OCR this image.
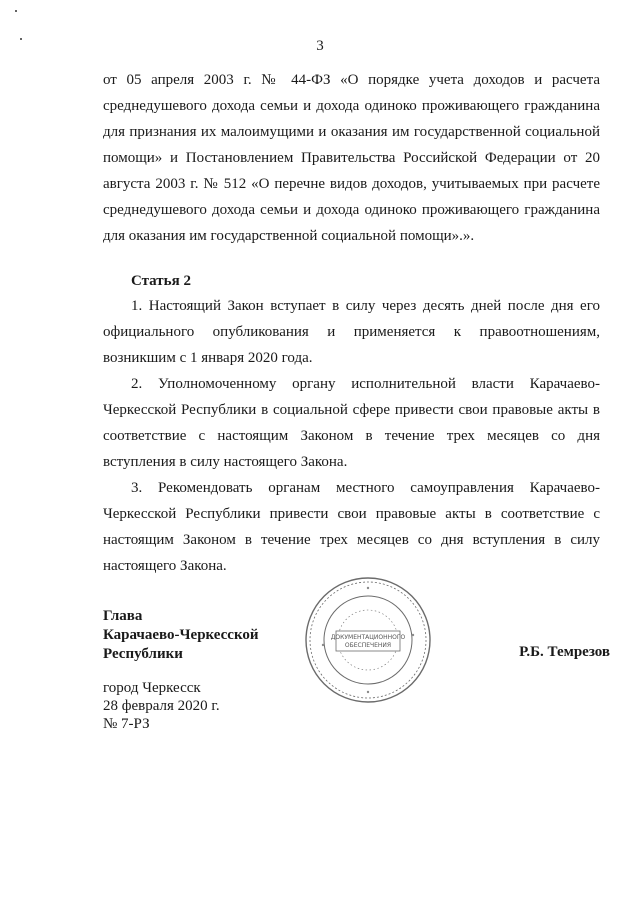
3

от 05 апреля 2003 г. № 44-ФЗ «О порядке учета доходов и расчета среднедушевого дохода семьи и дохода одиноко проживающего гражданина для признания их малоимущими и оказания им государственной социальной помощи» и Постановлением Правительства Российской Федерации от 20 августа 2003 г. № 512 «О перечне видов доходов, учитываемых при расчете среднедушевого дохода семьи и дохода одиноко проживающего гражданина для оказания им государственной социальной помощи».».

Статья 2

1. Настоящий Закон вступает в силу через десять дней после дня его официального опубликования и применяется к правоотношениям, возникшим с 1 января 2020 года.

2. Уполномоченному органу исполнительной власти Карачаево-Черкесской Республики в социальной сфере привести свои правовые акты в соответствие с настоящим Законом в течение трех месяцев со дня вступления в силу настоящего Закона.

3. Рекомендовать органам местного самоуправления Карачаево-Черкесской Республики привести свои правовые акты в соответствие с настоящим Законом в течение трех месяцев со дня вступления в силу настоящего Закона.

ДОКУМЕНТАЦИОННОГО
ОБЕСПЕЧЕНИЯ
Глава
Карачаево-Черкесской
Республики	Р.Б. Темрезов
город Черкесск
28 февраля 2020 г.
№ 7-РЗ
